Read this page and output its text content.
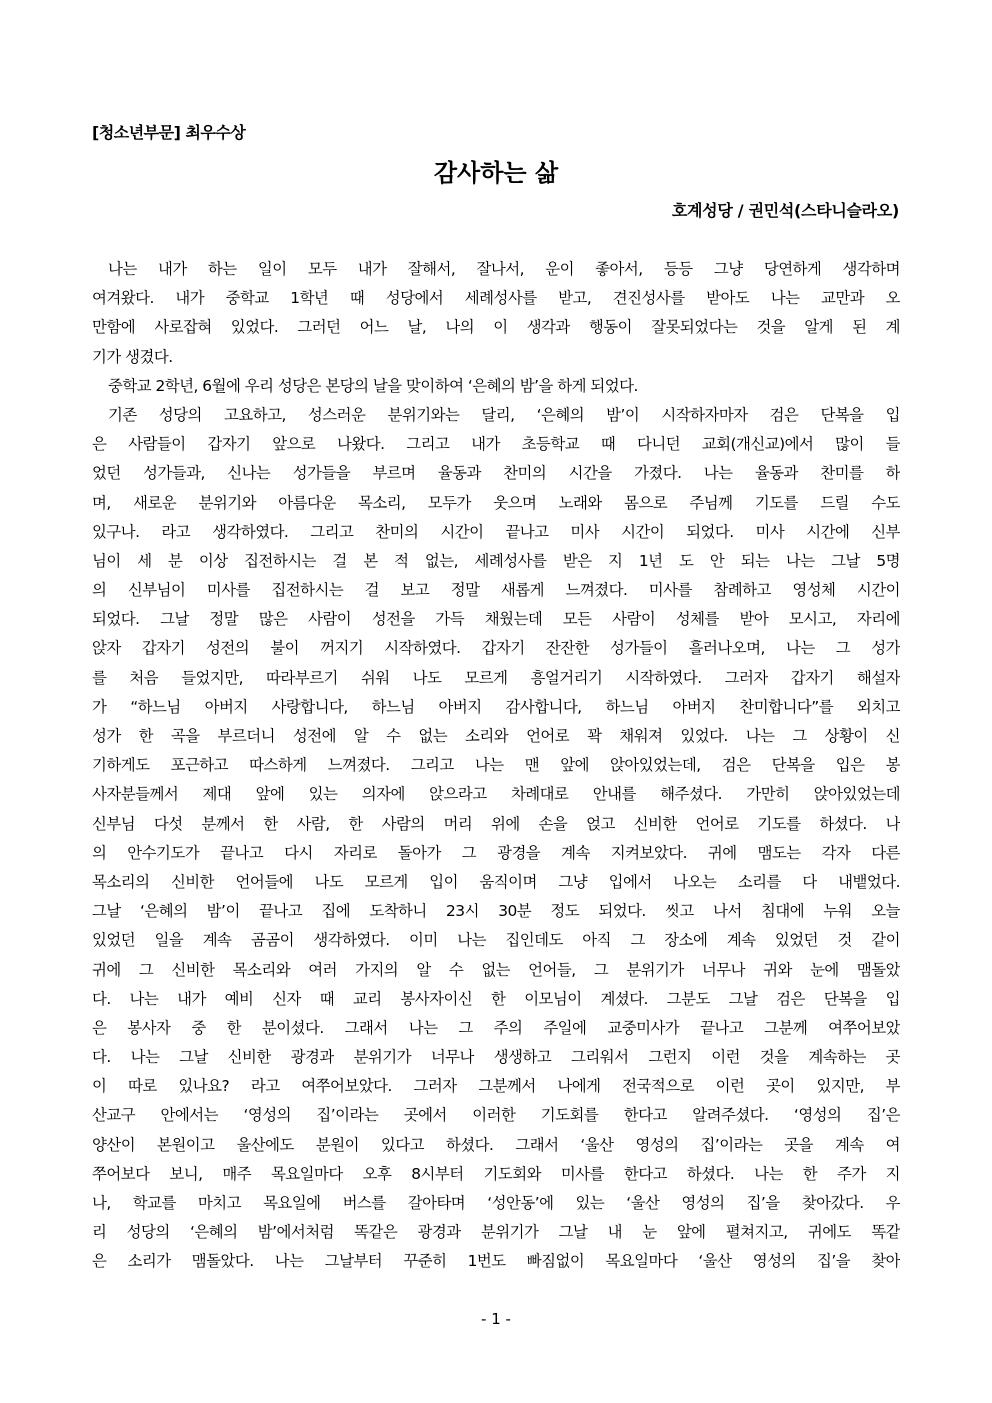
[청소년부문] 최우수상
감사하는 삶
호계성당 / 권민석(스타니슬라오)
나는 내가 하는 일이 모두 내가 잘해서, 잘나서, 운이 좋아서, 등등 그냥 당연하게 생각하며
여겨왔다. 내가 중학교 1학년 때 성당에서 세례성사를 받고, 견진성사를 받아도 나는 교만과 오
만함에 사로잡혀 있었다. 그러던 어느 날, 나의 이 생각과 행동이 잘못되었다는 것을 알게 된 계
기가 생겼다.
중학교 2학년, 6월에 우리 성당은 본당의 날을 맞이하여 ‘은혜의 밤’을 하게 되었다.
기존 성당의 고요하고, 성스러운 분위기와는 달리, ‘은혜의 밤’이 시작하자마자 검은 단복을 입
은 사람들이 갑자기 앞으로 나왔다. 그리고 내가 초등학교 때 다니던 교회(개신교)에서 많이 들
었던 성가들과, 신나는 성가들을 부르며 율동과 찬미의 시간을 가졌다. 나는 율동과 찬미를 하
며, 새로운 분위기와 아름다운 목소리, 모두가 웃으며 노래와 몸으로 주님께 기도를 드릴 수도
있구나. 라고 생각하였다. 그리고 찬미의 시간이 끝나고 미사 시간이 되었다. 미사 시간에 신부
님이 세 분 이상 집전하시는 걸 본 적 없는, 세례성사를 받은 지 1년 도 안 되는 나는 그날 5명
의 신부님이 미사를 집전하시는 걸 보고 정말 새롭게 느껴졌다. 미사를 참례하고 영성체 시간이
되었다. 그날 정말 많은 사람이 성전을 가득 채웠는데 모든 사람이 성체를 받아 모시고, 자리에
앉자 갑자기 성전의 불이 꺼지기 시작하였다. 갑자기 잔잔한 성가들이 흘러나오며, 나는 그 성가
를 처음 들었지만, 따라부르기 쉬워 나도 모르게 흥얼거리기 시작하였다. 그러자 갑자기 해설자
가 “하느님 아버지 사랑합니다, 하느님 아버지 감사합니다, 하느님 아버지 찬미합니다”를 외치고
성가 한 곡을 부르더니 성전에 알 수 없는 소리와 언어로 꽉 채워져 있었다. 나는 그 상황이 신
기하게도 포근하고 따스하게 느껴졌다. 그리고 나는 맨 앞에 앉아있었는데, 검은 단복을 입은 봉
사자분들께서 제대 앞에 있는 의자에 앉으라고 차례대로 안내를 해주셨다. 가만히 앉아있었는데
신부님 다섯 분께서 한 사람, 한 사람의 머리 위에 손을 얹고 신비한 언어로 기도를 하셨다. 나
의 안수기도가 끝나고 다시 자리로 돌아가 그 광경을 계속 지켜보았다. 귀에 맴도는 각자 다른
목소리의 신비한 언어들에 나도 모르게 입이 움직이며 그냥 입에서 나오는 소리를 다 내뱉었다.
그날 ‘은혜의 밤’이 끝나고 집에 도착하니 23시 30분 정도 되었다. 씻고 나서 침대에 누워 오늘
있었던 일을 계속 곰곰이 생각하였다. 이미 나는 집인데도 아직 그 장소에 계속 있었던 것 같이
귀에 그 신비한 목소리와 여러 가지의 알 수 없는 언어들, 그 분위기가 너무나 귀와 눈에 맴돌았
다. 나는 내가 예비 신자 때 교리 봉사자이신 한 이모님이 계셨다. 그분도 그날 검은 단복을 입
은 봉사자 중 한 분이셨다. 그래서 나는 그 주의 주일에 교중미사가 끝나고 그분께 여쭈어보았
다. 나는 그날 신비한 광경과 분위기가 너무나 생생하고 그리워서 그런지 이런 것을 계속하는 곳
이 따로 있나요? 라고 여쭈어보았다. 그러자 그분께서 나에게 전국적으로 이런 곳이 있지만, 부
산교구 안에서는 ‘영성의 집’이라는 곳에서 이러한 기도회를 한다고 알려주셨다. ‘영성의 집’은
양산이 본원이고 울산에도 분원이 있다고 하셨다. 그래서 ‘울산 영성의 집’이라는 곳을 계속 여
쭈어보다 보니, 매주 목요일마다 오후 8시부터 기도회와 미사를 한다고 하셨다. 나는 한 주가 지
나, 학교를 마치고 목요일에 버스를 갈아타며 ‘성안동’에 있는 ‘울산 영성의 집’을 찾아갔다. 우
리 성당의 ‘은혜의 밤’에서처럼 똑같은 광경과 분위기가 그날 내 눈 앞에 펼쳐지고, 귀에도 똑같
은 소리가 맴돌았다. 나는 그날부터 꾸준히 1번도 빠짐없이 목요일마다 ‘울산 영성의 집’을 찾아
- 1 -
